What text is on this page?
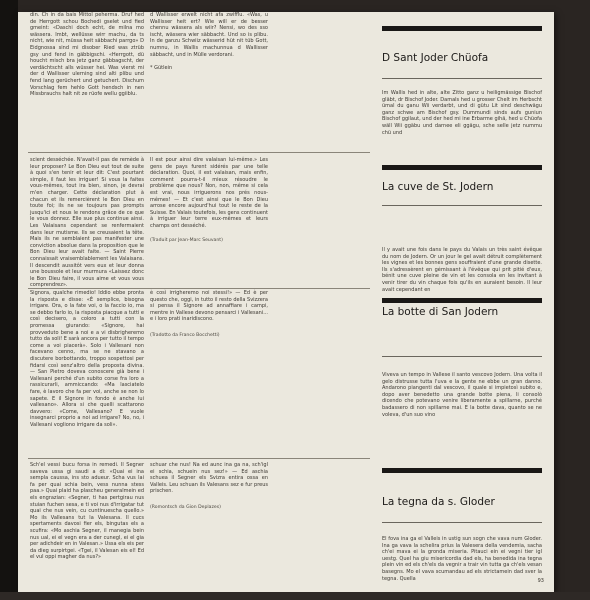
din. Ch in da bais Mittol peherma. Druf hed de Herrgott schou Bochedi gselet und fied gmeint: «Daschi doch echt, de milna mo wässera. Imbt, wellüsse wirr machu, da ts nicht, wie nit, müssa heit säbbachi parrgo» D Eidgnossa sind mi disober Ried was ztrüb gsy und fend in gäbbigschi. «Herrgott, dü houcht misch bra jetz ganz gäbbagscht, der verdächtscht alls wüsser hei. Was vierst mi der d Wallisser ulerning sind alti plibu und fend lang gerüchert und getuchert. Dischum Vorschlag fem hehlo Gott hendsch in nen Missbrauchs halt nit ze rüofe wellu ggiiblu.
d Wallisser erwelt nicht afa zwifflu. «Was, u Wallisser heit ert? Wie will er de besser chennu wässera als wiir? Nensi, wo des sso ischt, wässera wier säbbacht. Und so is plibu. In de ganzu Schwiiz wässerid hüt nit tüb Gott, numnu, in Wallis machunnua d Wallisser säbbacht, und in Mülle verdorani.

* Gütlein
D Sant Joder Chüofa
Im Wallis hed in alte, alte Zitto ganz u heiligmässige Bischof gläbt, dr Bischof Joder. Damals hed u grosser Chelt im Herbscht ümal du ganu Wii verdarbt, und di gütu Lit sind deschwägu ganz schwe am Bischof gsy. Dummundi sinds aufs guniun Bischof ggilaut, und der hed mi ine Erbarme gihä, hed u Chüofa wäll Wii ggäbu und darnee eli ggägu, sche selle jetz nummu chü und
scient desséchée. N'avait-il pas de remède à leur proposer? Le Bon Dieu eut tout de suite à quoi s'en tenir et leur dit: C'est pourtant simple, il faut les irriguer! Si vous la faites vous-mêmes, tout ira bien, sinon, je devrai m'en charger. Cette déclaration plut à chacun et ils remercièrent le Bon Dieu en toute foi; ils ne se toujours pas prompts jusqu'ici et nous le rendons grâce de ce que le vous donnez. Elle sue plus continue ainsi. Les Valaisans cependant se renfermaient dans leur mutisme. Ils se creusaient la tête. Mais ils ne semblaient pas manifester une conviction absolue dans la proposition que le Bon Dieu leur avait faite. — Saint Pierre connaissait vraisemblablement les Valaisans. Il descendit aussitôt vers eux et leur donna une boussole et leur murmura «Laissez donc le Bon Dieu faire, il vous aime et vous vous comprendrez».
Il est pour ainsi dire valaisan lui-même.» Les gens de pays furent sidérés par une telle déclaration. Quoi, il est valaisan, mais enfin, comment pourra-t-il mieux résoudre le problème que nous? Non, non, même si cela est vrai, nous irriguerons nos prés nous-mêmes! — Et c'est ainsi que le Bon Dieu arrose encore aujourd'hui tout le reste de la Suisse. En Valais toutefois, les gens continuent à irriguer leur terre eux-mêmes et leurs champs ont desséché.
(Traduit par Jean-Marc Seuvant)
La cuve de St. Jodern
Il y avait une fois dans le pays du Valais un très saint évêque du nom de Jodern. Or un jour le gel avait détruit complètement les vignes et les bonnes gens souffraient d'une grande disette. Ils s'adressèrent en gémissant à l'évêque qui prit pitié d'eux, bénit une cuve pleine de vin et les consola en les invitant à venir tirer du vin chaque fois qu'ils en auraient besoin. Il leur avait cependant en
Signora, qualche rimedio! Iddio ebbe pronta la risposta e disse: «È semplice, bisogna irrigare. Ora, o la fate voi, o la faccio io, ma se debbo farlo io, la risposta piacque a tutti e così decisero, a coloro a tutti con la promessa giurando: «Signore, hai provveduto bene a noi e a vi disbrigheremo tutto da soli! E sarà ancora per tutto il tempo come a voi piacerà». Solo i Vallesani non facevano cenno, ma se ne stavano a discutere borbottando, troppo sospettosi per fidarsi così senz'altro della proposta divina. — San Pietro doveva conoscere già bene i Vallesani perché d'un subito corse fra loro a rassicurarli, ammiccando: «Ma lasciatelo fare, è lavoro che fa per voi, anche se non lo sapete. E il Signore in fondo è anche lui vallesano». Allora si che quelli scattarono davvero: «Come, Vallesano? E vuole insegnarci proprio a noi ad irrigare? No, no, i Vallesani vogliono irrigare da soli».
è così irrigheremo noi stessi!» — Ed è per questo che, oggi, in tutto il resto della Svizzera si pensa il Signore ad annaffiare i campi, mentre in Vallese devono pensarci i Vallesani... e i loro prati inaridiscono.
(Tradotto da Franco Bocchetti)
La botte di San Jodern
Viveva un tempo in Vallese il santo vescovo Jodern. Una volta il gelo distrusse tutta l'uva e la gente ne ebbe un gran danno. Andarono piangenti dal vescovo, il quale si impietosì subito e, dopo aver benedetto una grande botte piena, li consolò dicendo che potevano venire liberamente a spillarne, purché badassero di non spillarne mai. E la botte dava, quanto se ne voleva, d'un suo vino
Sch'el vessi bucu forsa in remedi. Il Segner saveva ussa gi saudi a di: «Quai ei ina sempla caussa, ins sto adueur. Scha vus lai fa per quai schia bein, vess nunna stess paa.» Quai plaid ha plascheu generalmein ed els engrazian: «Segner, ti has pertgirau nus stuian fuchen sesa, e ti voi nus d'irrigatar tut quai che nus vein, cu cuntinuescha quello.» Mo ils Vallesans tut la Valesana. Il cucs spertaments davosi fier els, bingutas els a scufira: «Mo aschia Segner, il manegia bein nus ual, ei el vegn era a der cunegl, ei el gia per adichdeir en in Valesan.» Ussa els eis per da dieg surpirtgei. «Tgei, il Valesan eis el! Ed el vul oppi magher da nus?»
schuar che nus! Na ed aunc ina ga na, sch'igl ei schia, schuein nus sez!» — Ed aschia schuea il Segner els Svizra entira ossa en Valleis. Leu schuan ils Valesans sez e fur preus prischen.
(Romontsch da Gion Deplazes)	La tegna da s. Gloder
El fova ina ga el Valleis in ustig sun sogn che vava num Gloder. Ina ga vava la schelira prius la Valesera della vendemia, sacha ch'ei mava ei la gronda miseria. Pitauci ein ei vegni tier igl uestg. Quel ha giu misericordia dad els, ha benedida ina tegna plein vin ed els ch'els da vegnir a trair vin tutta ga ch'els vesan basegns. Mo el vava scumandau ad els strictamein dad sver la tegna. Quella	93
